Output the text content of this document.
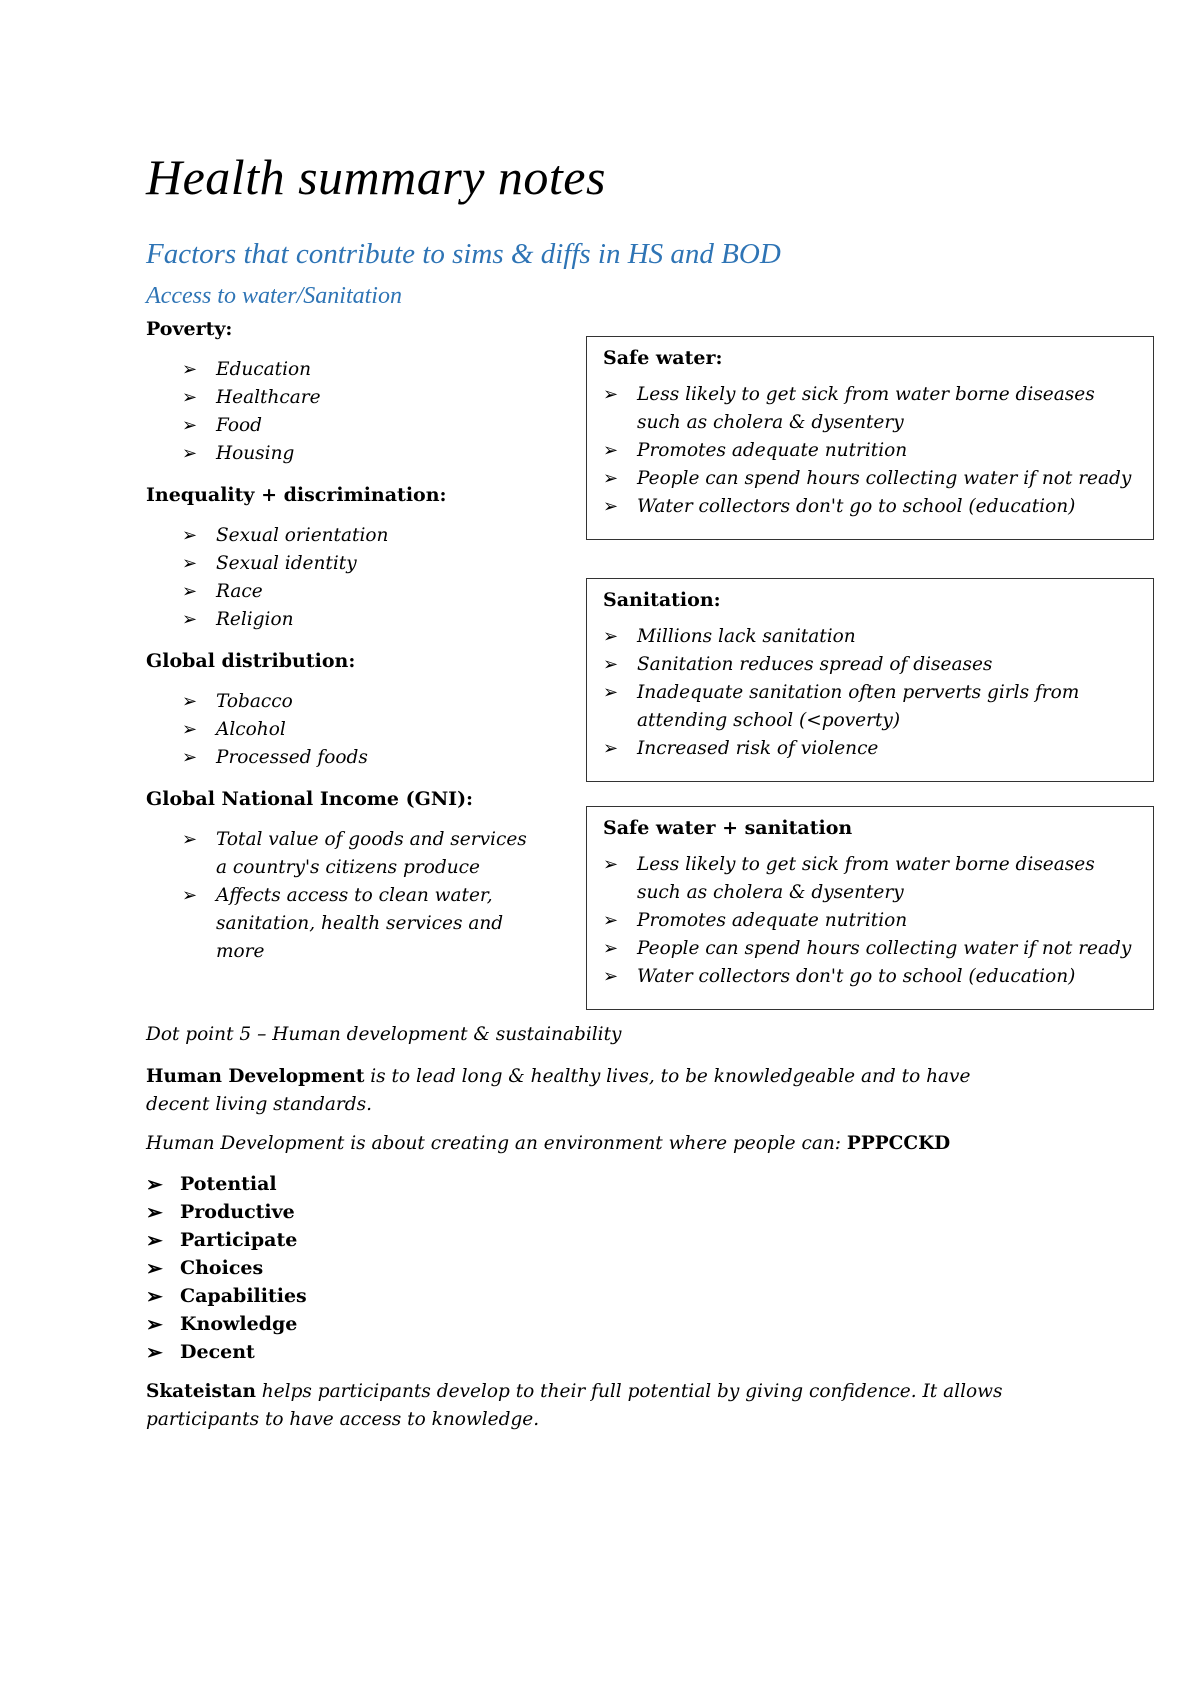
Health summary notes
Factors that contribute to sims & diffs in HS and BOD
Access to water/Sanitation
Poverty:
➢ Education
➢ Healthcare
➢ Food
➢ Housing
Inequality + discrimination:
➢ Sexual orientation
➢ Sexual identity
➢ Race
➢ Religion
Global distribution:
➢ Tobacco
➢ Alcohol
➢ Processed foods
Global National Income (GNI):
➢ Total value of goods and services a country's citizens produce
➢ Affects access to clean water, sanitation, health services and more
Safe water:
➢ Less likely to get sick from water borne diseases such as cholera & dysentery
➢ Promotes adequate nutrition
➢ People can spend hours collecting water if not ready
➢ Water collectors don't go to school (education)
Sanitation:
➢ Millions lack sanitation
➢ Sanitation reduces spread of diseases
➢ Inadequate sanitation often perverts girls from attending school (<poverty)
➢ Increased risk of violence
Safe water + sanitation
➢ Less likely to get sick from water borne diseases such as cholera & dysentery
➢ Promotes adequate nutrition
➢ People can spend hours collecting water if not ready
➢ Water collectors don't go to school (education)

Dot point 5 – Human development & sustainability

Human Development is to lead long & healthy lives, to be knowledgeable and to have decent living standards.

Human Development is about creating an environment where people can: PPPCCKD

➢ Potential
➢ Productive
➢ Participate
➢ Choices
➢ Capabilities
➢ Knowledge
➢ Decent

Skateistan helps participants develop to their full potential by giving confidence. It allows participants to have access to knowledge.
